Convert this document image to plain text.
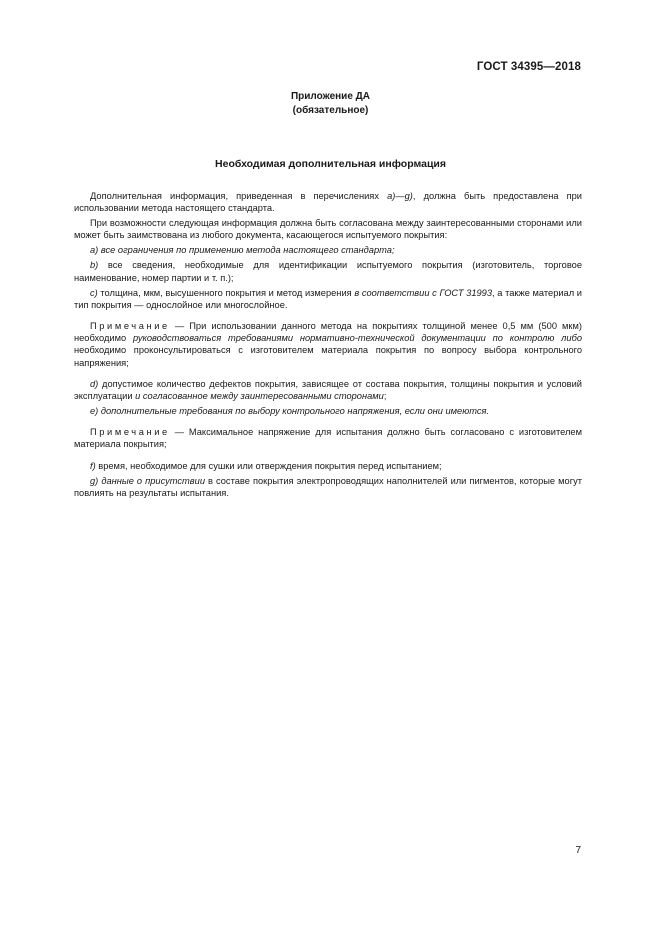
ГОСТ 34395—2018
Приложение ДА
(обязательное)
Необходимая дополнительная информация

Дополнительная информация, приведенная в перечислениях a)—g), должна быть предоставлена при использовании метода настоящего стандарта.

При возможности следующая информация должна быть согласована между заинтересованными сторонами или может быть заимствована из любого документа, касающегося испытуемого покрытия:

a) все ограничения по применению метода настоящего стандарта;

b) все сведения, необходимые для идентификации испытуемого покрытия (изготовитель, торговое наименование, номер партии и т. п.);

c) толщина, мкм, высушенного покрытия и метод измерения в соответствии с ГОСТ 31993, а также материал и тип покрытия — однослойное или многослойное.

Примечание — При использовании данного метода на покрытиях толщиной менее 0,5 мм (500 мкм) необходимо руководствоваться требованиями нормативно-технической документации по контролю либо необходимо проконсультироваться с изготовителем материала покрытия по вопросу выбора контрольного напряжения;

d) допустимое количество дефектов покрытия, зависящее от состава покрытия, толщины покрытия и условий эксплуатации и согласованное между заинтересованными сторонами;

e) дополнительные требования по выбору контрольного напряжения, если они имеются.

Примечание — Максимальное напряжение для испытания должно быть согласовано с изготовителем материала покрытия;

f) время, необходимое для сушки или отверждения покрытия перед испытанием;

g) данные о присутствии в составе покрытия электропроводящих наполнителей или пигментов, которые могут повлиять на результаты испытания.

7
